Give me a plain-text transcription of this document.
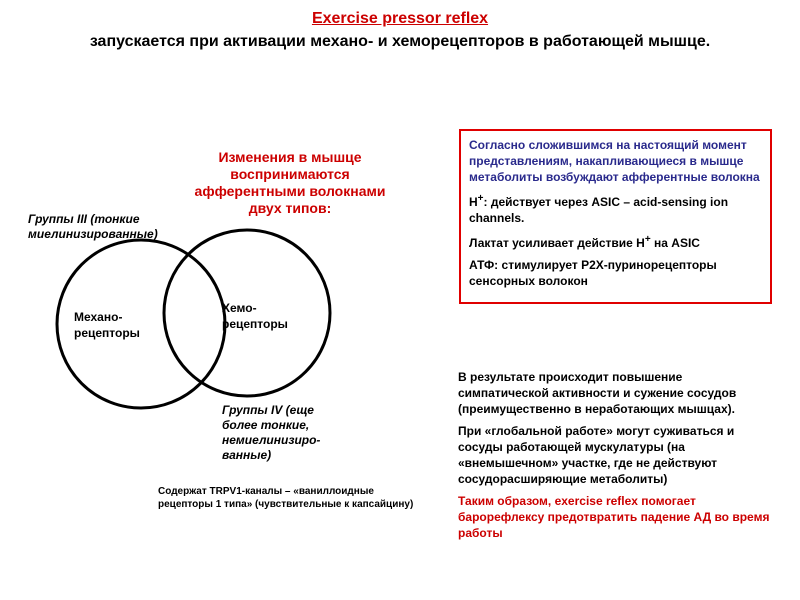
Exercise pressor reflex
запускается при активации механо- и хеморецепторов в работающей мышце.
Изменения в мышце воспринимаются афферентными волокнами двух типов:
Группы III (тонкие миелинизированные)
Механо-
рецепторы
Хемо-
рецепторы
Группы IV (еще более тонкие, немиелинизиро-ванные)
Содержат TRPV1-каналы – «ваниллоидные рецепторы 1 типа» (чувствительные к капсайцину)

Согласно сложившимся на настоящий момент представлениям, накапливающиеся в мышце метаболиты возбуждают афферентные волокна

H+: действует через ASIC – acid-sensing ion channels.

Лактат усиливает действие H+ на ASIC

АТФ: стимулирует P2X-пуринорецепторы сенсорных волокон

В результате происходит повышение симпатической активности и сужение сосудов (преимущественно в неработающих мышцах).

При «глобальной работе» могут суживаться и сосуды работающей мускулатуры (на «внемышечном» участке, где не действуют сосудорасширяющие метаболиты)

Таким образом, exercise reflex помогает барорефлексу предотвратить падение АД во время работы
